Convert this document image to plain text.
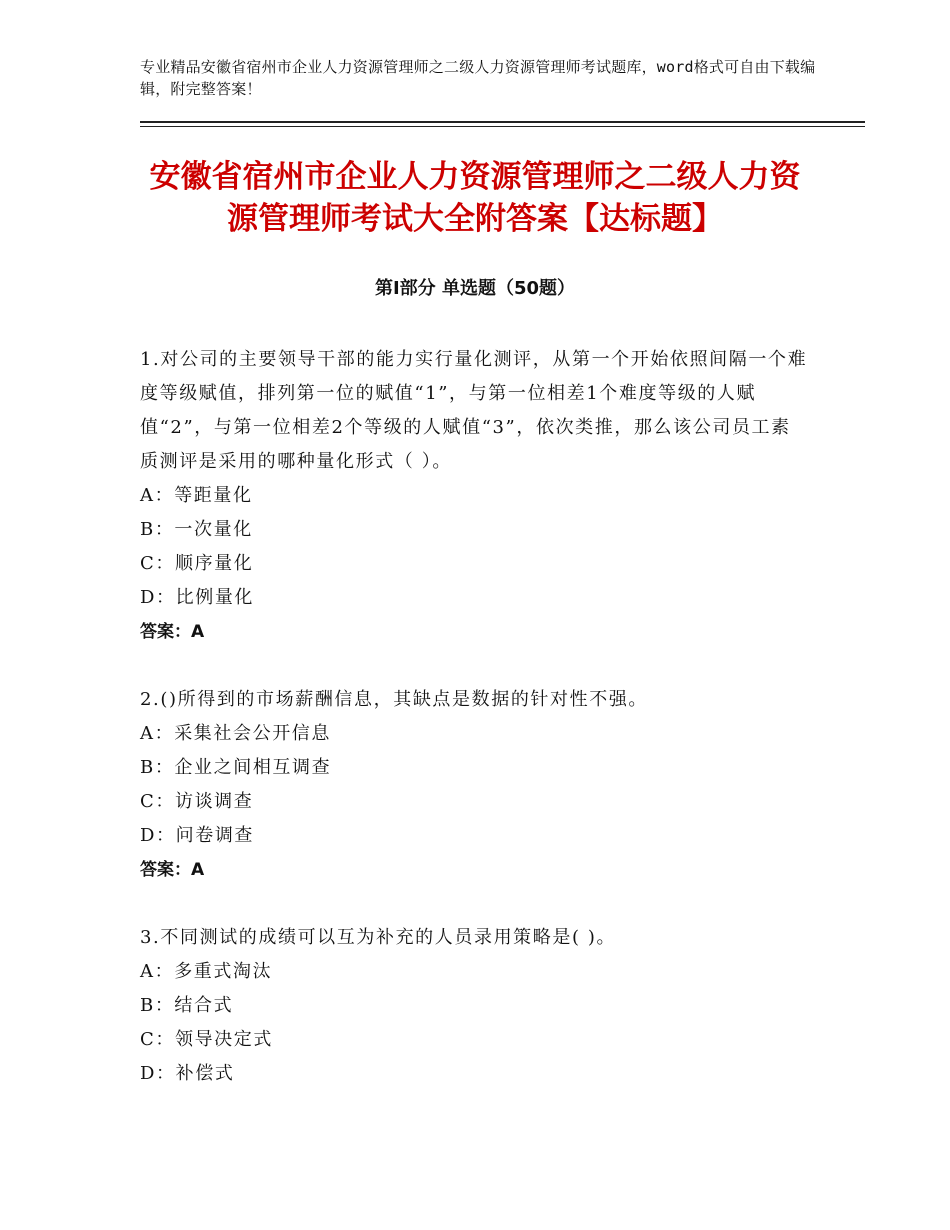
专业精品安徽省宿州市企业人力资源管理师之二级人力资源管理师考试题库，word格式可自由下载编辑，附完整答案！
安徽省宿州市企业人力资源管理师之二级人力资源管理师考试大全附答案【达标题】
第Ⅰ部分 单选题（50题）

1.对公司的主要领导干部的能力实行量化测评，从第一个开始依照间隔一个难度等级赋值，排列第一位的赋值“1”，与第一位相差1个难度等级的人赋值“2”，与第一位相差2个等级的人赋值“3”，依次类推，那么该公司员工素质测评是采用的哪种量化形式（ ）。

A：等距量化

B：一次量化

C：顺序量化

D：比例量化

答案：A

2.()所得到的市场薪酬信息，其缺点是数据的针对性不强。

A：采集社会公开信息

B：企业之间相互调查

C：访谈调查

D：问卷调查

答案：A

3.不同测试的成绩可以互为补充的人员录用策略是( )。

A：多重式淘汰

B：结合式

C：领导决定式

D：补偿式
